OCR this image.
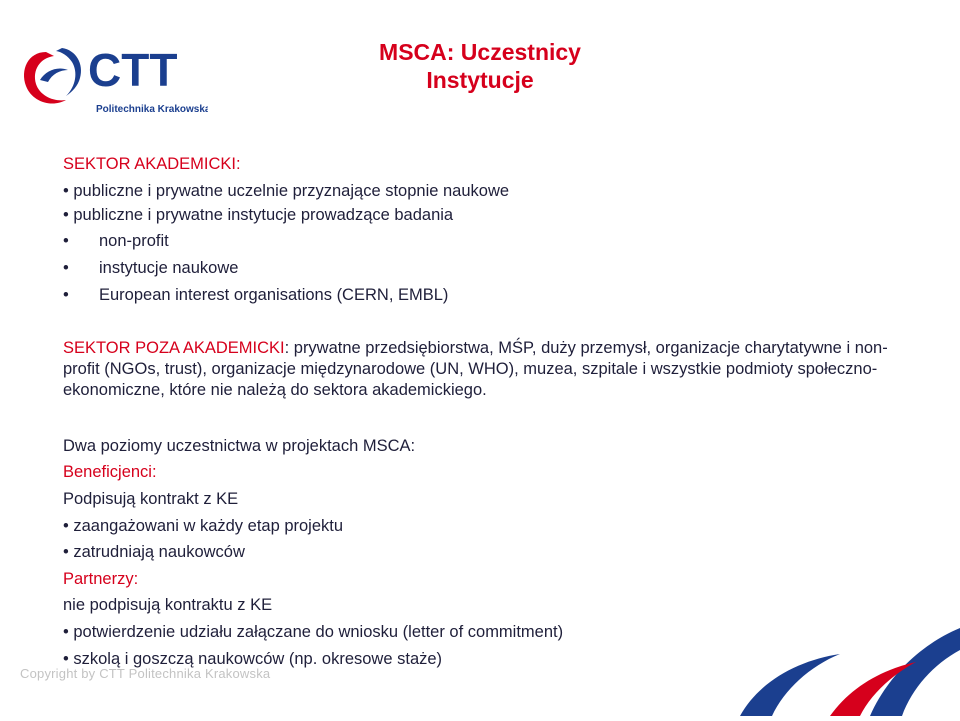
CTT
Politechnika Krakowska
MSCA: Uczestnicy
Instytucje
SEKTOR AKADEMICKI:
• publiczne i prywatne uczelnie przyznające stopnie naukowe
• publiczne i prywatne instytucje prowadzące badania
• non-profit
• instytucje naukowe
• European interest organisations (CERN, EMBL)
SEKTOR POZA AKADEMICKI: prywatne przedsiębiorstwa, MŚP, duży przemysł, organizacje charytatywne i non-profit (NGOs, trust), organizacje międzynarodowe (UN, WHO), muzea, szpitale i wszystkie podmioty społeczno-ekonomiczne, które nie należą do sektora akademickiego.
Dwa poziomy uczestnictwa w projektach MSCA:
Beneficjenci:
Podpisują kontrakt z KE
• zaangażowani w każdy etap projektu
• zatrudniają naukowców
Partnerzy:
nie podpisują kontraktu z KE
• potwierdzenie udziału załączane do wniosku (letter of commitment)
• szkolą i goszczą naukowców (np. okresowe staże)
Copyright by CTT Politechnika Krakowska
